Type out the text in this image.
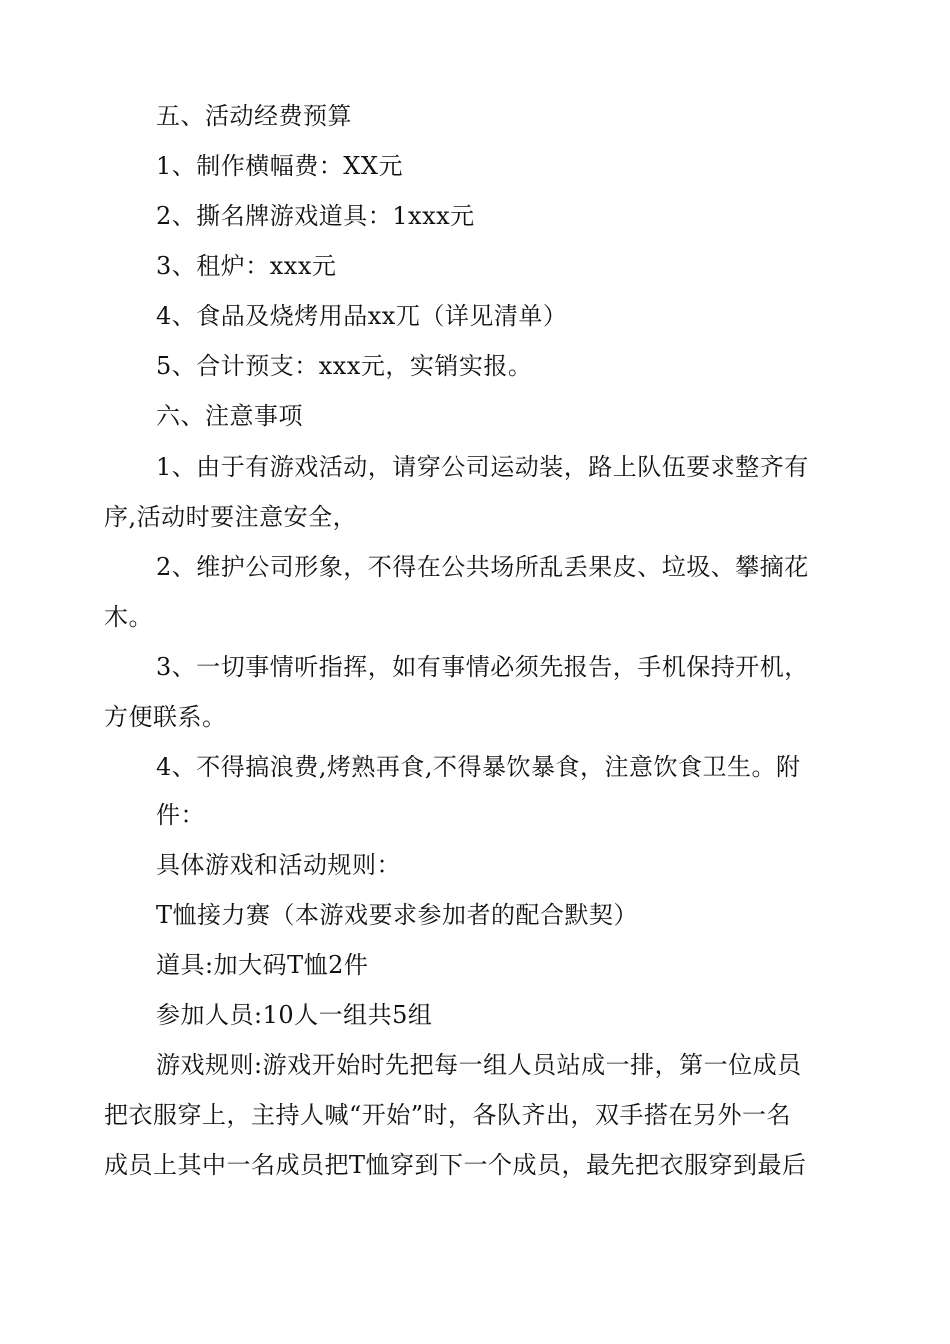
五、活动经费预算
1、制作横幅费：XX元
2、撕名牌游戏道具：1xxx元
3、租炉：xxx元
4、食品及烧烤用品xx兀（详见清单）
5、合计预支：xxx元，实销实报。
六、注意事项
1、由于有游戏活动，请穿公司运动装，路上队伍要求整齐有
序,活动时要注意安全，
2、维护公司形象，不得在公共场所乱丢果皮、垃圾、攀摘花
木。
3、一切事情听指挥，如有事情必须先报告，手机保持开机，
方便联系。
4、不得搞浪费,烤熟再食,不得暴饮暴食，注意饮食卫生。附
件：
具体游戏和活动规则：
T恤接力赛（本游戏要求参加者的配合默契）
道具:加大码T恤2件
参加人员:10人一组共5组
游戏规则:游戏开始时先把每一组人员站成一排，第一位成员
把衣服穿上，主持人喊“开始”时，各队齐出，双手搭在另外一名
成员上其中一名成员把T恤穿到下一个成员，最先把衣服穿到最后
